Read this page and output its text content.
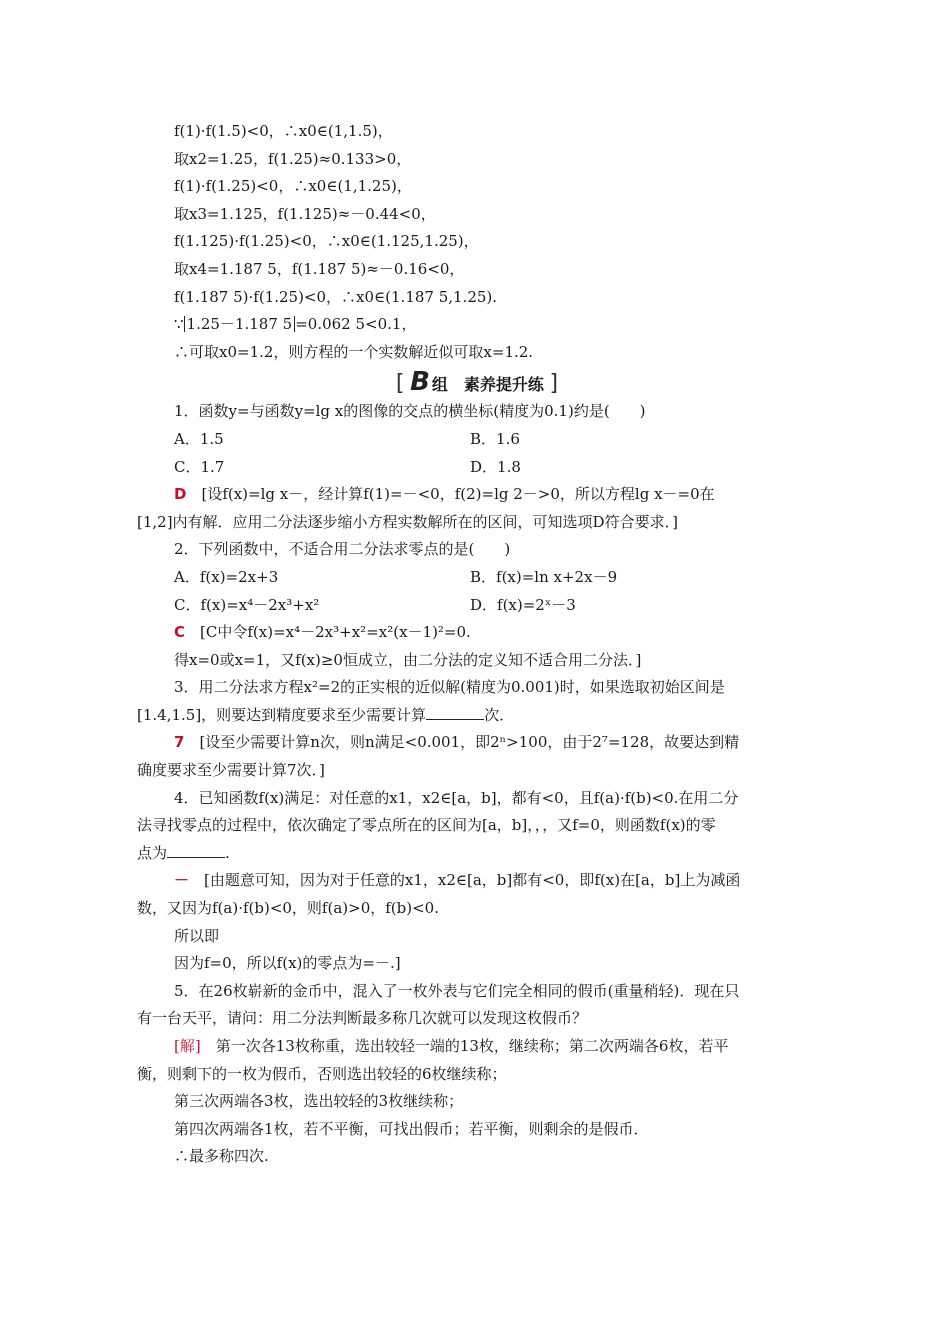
f(1)·f(1.5)<0，∴x0∈(1,1.5)，
取x2=1.25，f(1.25)≈0.133>0，
f(1)·f(1.25)<0，∴x0∈(1,1.25)，
取x3=1.125，f(1.125)≈－0.44<0，
f(1.125)·f(1.25)<0，∴x0∈(1.125,1.25)，
取x4=1.187 5，f(1.187 5)≈－0.16<0，
f(1.187 5)·f(1.25)<0，∴x0∈(1.187 5,1.25).
∵ 1.25－1.187 5 =0.062 5<0.1，
∴可取x0=1.2，则方程的一个实数解近似可取x=1.2.
[ B 组　素养提升练 ]
1．函数y=与函数y=lg x的图像的交点的横坐标(精度为0.1)约是(　　)
A．1.5	B．1.6
C．1.7	D．1.8
D　 [设f(x)=lg x－，经计算f(1)=－<0，f(2)=lg 2－>0，所以方程lg x－=0在
[1,2]内有解．应用二分法逐步缩小方程实数解所在的区间，可知选项D符合要求．]
2．下列函数中，不适合用二分法求零点的是(　　)
A．f(x)=2x+3	B．f(x)=ln x+2x－9
C．f(x)=x⁴－2x³+x²	D．f(x)=2ˣ－3
C　 [C中令f(x)=x⁴－2x³+x²=x²(x－1)²=0.
得x=0或x=1，又f(x)≥0恒成立，由二分法的定义知不适合用二分法．]
3．用二分法求方程x²=2的正实根的近似解(精度为0.001)时，如果选取初始区间是
[1.4,1.5]，则要达到精度要求至少需要计算	次．
7　 [设至少需要计算n次，则n满足<0.001，即2ⁿ>100，由于2⁷=128，故要达到精
确度要求至少需要计算7次．]
4．已知函数f(x)满足：对任意的x1，x2∈[a，b]，都有<0，且f(a)·f(b)<0.在用二分
法寻找零点的过程中，依次确定了零点所在的区间为[a，b]，，，又f=0，则函数f(x)的零
点为	.
－　 [由题意可知，因为对于任意的x1，x2∈[a，b]都有<0，即f(x)在[a，b]上为减函
数，又因为f(a)·f(b)<0，则f(a)>0，f(b)<0.
所以即
因为f=0，所以f(x)的零点为=－.]
5．在26枚崭新的金币中，混入了一枚外表与它们完全相同的假币(重量稍轻)．现在只
有一台天平，请问：用二分法判断最多称几次就可以发现这枚假币？
[解]　 第一次各13枚称重，选出较轻一端的13枚，继续称；第二次两端各6枚，若平
衡，则剩下的一枚为假币，否则选出较轻的6枚继续称；
第三次两端各3枚，选出较轻的3枚继续称；
第四次两端各1枚，若不平衡，可找出假币；若平衡，则剩余的是假币．
∴最多称四次.
